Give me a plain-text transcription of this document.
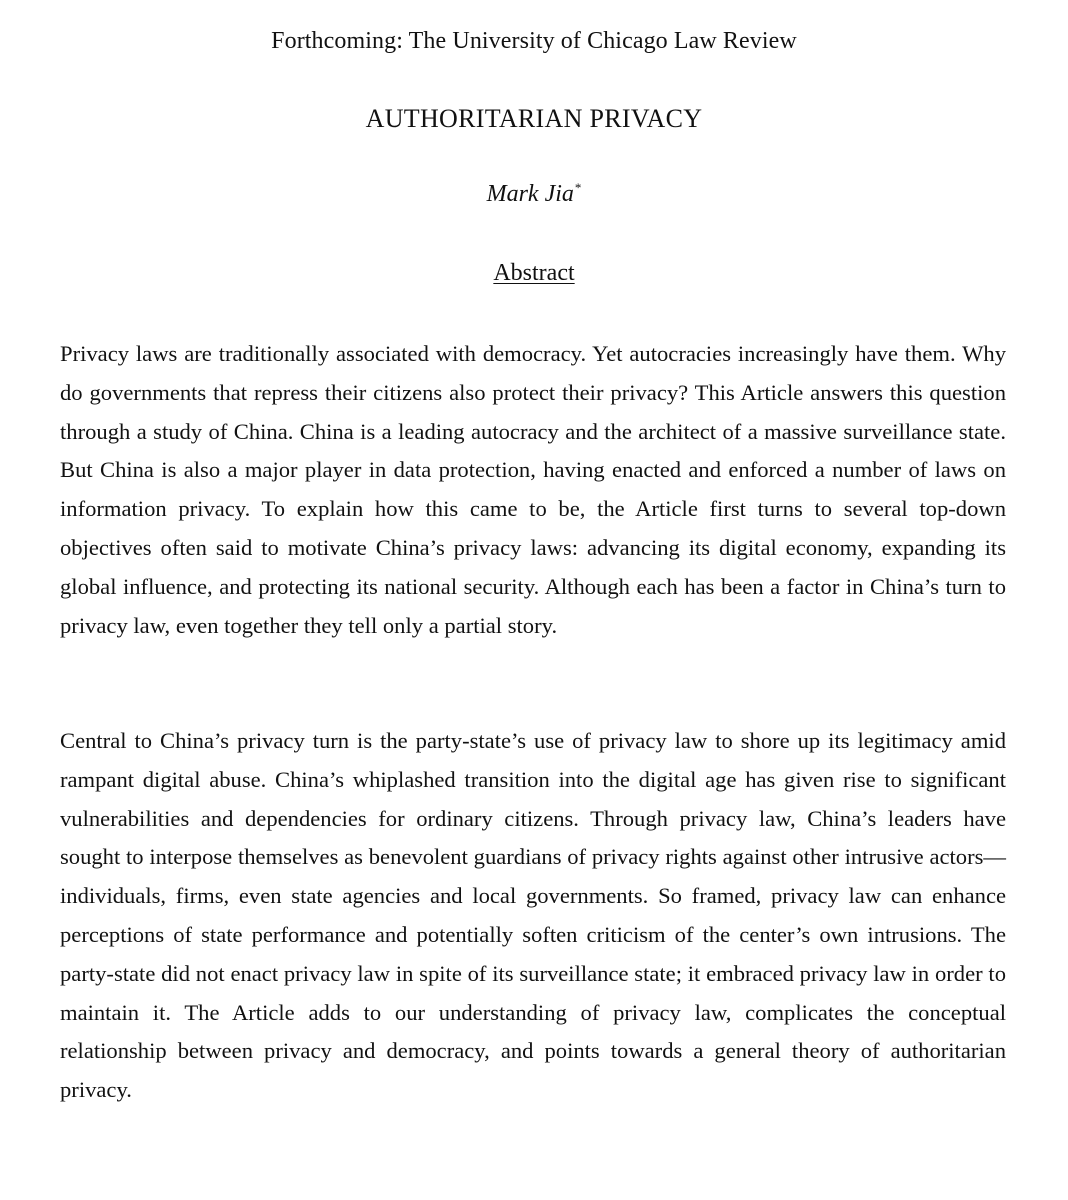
Forthcoming: The University of Chicago Law Review
AUTHORITARIAN PRIVACY
Mark Jia*
Abstract

Privacy laws are traditionally associated with democracy. Yet autocracies increasingly have them. Why do governments that repress their citizens also protect their privacy? This Article answers this question through a study of China. China is a leading autocracy and the architect of a massive surveillance state. But China is also a major player in data protection, having enacted and enforced a number of laws on information privacy. To explain how this came to be, the Article first turns to several top-down objectives often said to motivate China’s privacy laws: advancing its digital economy, expanding its global influence, and protecting its national security. Although each has been a factor in China’s turn to privacy law, even together they tell only a partial story.

Central to China’s privacy turn is the party-state’s use of privacy law to shore up its legitimacy amid rampant digital abuse. China’s whiplashed transition into the digital age has given rise to significant vulnerabilities and dependencies for ordinary citizens. Through privacy law, China’s leaders have sought to interpose themselves as benevolent guardians of privacy rights against other intrusive actors—individuals, firms, even state agencies and local governments. So framed, privacy law can enhance perceptions of state performance and potentially soften criticism of the center’s own intrusions. The party-state did not enact privacy law in spite of its surveillance state; it embraced privacy law in order to maintain it. The Article adds to our understanding of privacy law, complicates the conceptual relationship between privacy and democracy, and points towards a general theory of authoritarian privacy.
